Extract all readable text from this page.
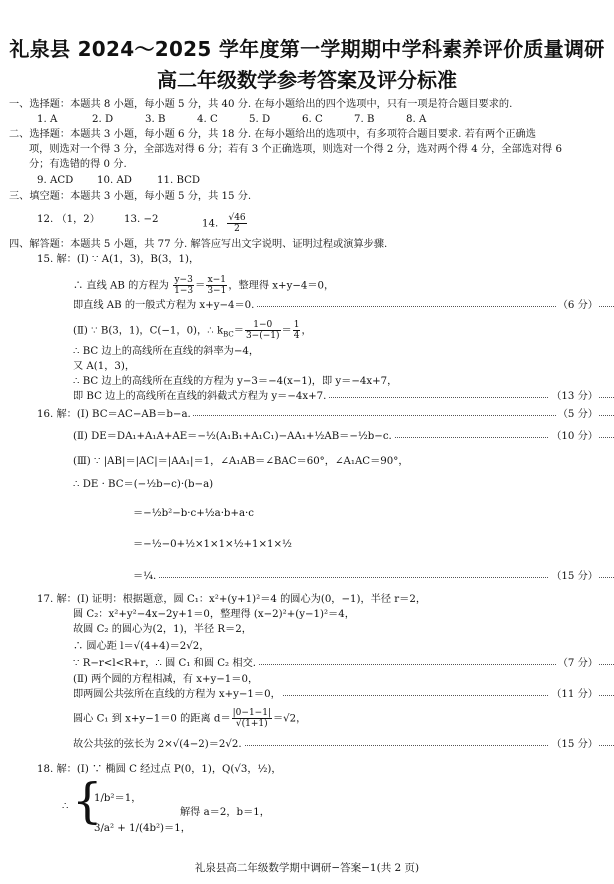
礼泉县 2024～2025 学年度第一学期期中学科素养评价质量调研
高二年级数学参考答案及评分标准
一、选择题：本题共 8 小题，每小题 5 分，共 40 分. 在每小题给出的四个选项中，只有一项是符合题目要求的.
1. A	2. D	3. B	4. C	5. D	6. C	7. B	8. A
二、选择题：本题共 3 小题，每小题 6 分，共 18 分. 在每小题给出的选项中，有多项符合题目要求. 若有两个正确选
项，则选对一个得 3 分，全部选对得 6 分；若有 3 个正确选项，则选对一个得 2 分，选对两个得 4 分，全部选对得 6
分；有选错的得 0 分.
9. ACD 10. AD 11. BCD
三、填空题：本题共 3 小题，每小题 5 分，共 15 分.
12. （1，2） 13. −2	14. $\frac{√46}{2}$
四、解答题：本题共 5 小题，共 77 分. 解答应写出文字说明、证明过程或演算步骤.
15. 解：(Ⅰ) ∵ A(1，3)，B(3，1)，
∴ 直线 AB 的方程为 $\frac{y-3}{1-3} = \frac{x-1}{3-1}$ ，整理得 x+y−4＝0，
即直线 AB 的一般式方程为 x+y−4＝0.	（6 分）
(Ⅱ) ∵ B(3，1)，C(−1，0)，∴ $k_{BC}= \frac{1-0}{3-(-1)} = \frac{1}{4}$ ，
∴ BC 边上的高线所在直线的斜率为−4，
又 A(1，3)，
∴ BC 边上的高线所在直线的方程为 y−3＝−4(x−1)，即 y＝−4x+7，
即 BC 边上的高线所在直线的斜截式方程为 y＝−4x+7.	（13 分）
16. 解：(Ⅰ) BC＝AC−AB＝b−a.	（5 分）
(Ⅱ) DE＝DA₁+A₁A+AE＝−½(A₁B₁+A₁C₁)−AA₁+½AB＝−½b−c.	（10 分）
(Ⅲ) ∵ |AB|＝|AC|＝|AA₁|＝1，∠A₁AB＝∠BAC＝60°，∠A₁AC＝90°，
∴ DE · BC＝(−½b−c)·(b−a)
＝−½b²−b·c+½a·b+a·c
＝−½−0+½×1×1×½+1×1×½
＝¼.	（15 分）
17. 解：(Ⅰ) 证明：根据题意，圆 C₁：x²+(y+1)²＝4 的圆心为(0，−1)，半径 r＝2，
圆 C₂：x²+y²−4x−2y+1＝0，整理得 (x−2)²+(y−1)²＝4，
故圆 C₂ 的圆心为(2，1)，半径 R＝2，
∴ 圆心距 l＝√(4+4)＝2√2，
∵ R−r<l<R+r，∴ 圆 C₁ 和圆 C₂ 相交.	（7 分）
(Ⅱ) 两个圆的方程相减，有 x+y−1＝0，
即两圆公共弦所在直线的方程为 x+y−1＝0，	（11 分）
圆心 C₁ 到 x+y−1＝0 的距离 $d= \frac{|0-1-1|}{√(1+1)} =√2$，
故公共弦的弦长为 2×√(4−2)＝2√2.	（15 分）
18. 解：(Ⅰ) ∵ 椭圆 C 经过点 P(0，1)，Q(√3，½)，
∴ {
1/b²＝1，
3/a² + 1/(4b²)＝1，
解得 a＝2，b＝1，
礼泉县高二年级数学期中调研−答案−1(共 2 页)
